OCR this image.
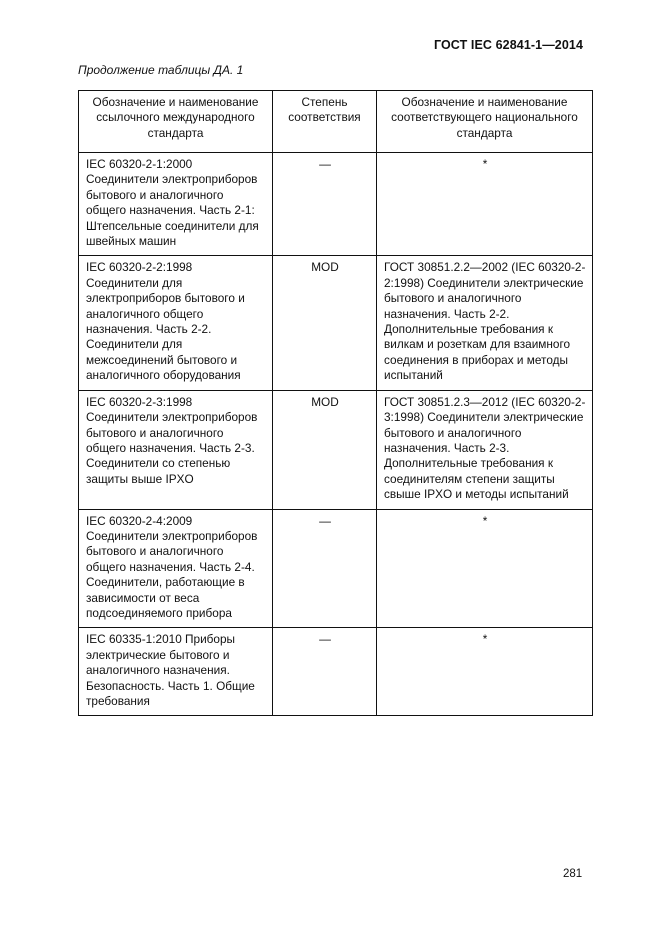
ГОСТ IEC 62841-1—2014
Продолжение таблицы ДА. 1
Обозначение и наименование ссылочного международного стандарта	Степень соответствия	Обозначение и наименование соответствующего национального стандарта
IEC 60320-2-1:2000 Соединители электроприборов бытового и аналогичного общего назначения. Часть 2-1: Штепсельные соединители для швейных машин	—	*
IEC 60320-2-2:1998 Соединители для электроприборов бытового и аналогичного общего назначения. Часть 2-2. Соединители для межсоединений бытового и аналогичного оборудования	MOD	ГОСТ 30851.2.2—2002 (IEC 60320-2-2:1998) Соединители электрические бытового и аналогичного назначения. Часть 2-2. Дополнительные требования к вилкам и розеткам для взаимного соединения в приборах и методы испытаний
IEC 60320-2-3:1998 Соединители электроприборов бытового и аналогичного общего назначения. Часть 2-3. Соединители со степенью защиты выше IPXO	MOD	ГОСТ 30851.2.3—2012 (IEC 60320-2-3:1998) Соединители электрические бытового и аналогичного назначения. Часть 2-3. Дополнительные требования к соединителям степени защиты свыше IPXO и методы испытаний
IEC 60320-2-4:2009 Соединители электроприборов бытового и аналогичного общего назначения. Часть 2-4. Соединители, работающие в зависимости от веса подсоединяемого прибора	—	*
IEC 60335-1:2010 Приборы электрические бытового и аналогичного назначения. Безопасность. Часть 1. Общие требования	—	*
281
